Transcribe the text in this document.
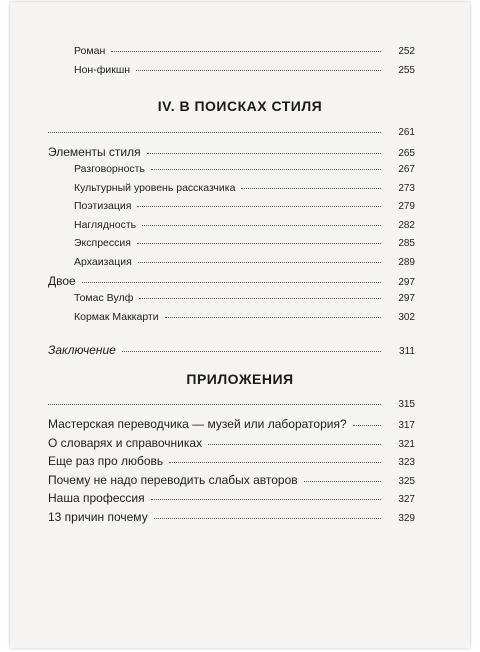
Роман	252
Нон-фикшн	255
IV. В ПОИСКАХ СТИЛЯ
261
Элементы стиля	265
Разговорность	267
Культурный уровень рассказчика	273
Поэтизация	279
Наглядность	282
Экспрессия	285
Архаизация	289
Двое	297
Томас Вулф	297
Кормак Маккарти	302
Заключение	311
ПРИЛОЖЕНИЯ
315
Мастерская переводчика — музей или лаборатория?	317
О словарях и справочниках	321
Еще раз про любовь	323
Почему не надо переводить слабых авторов	325
Наша профессия	327
13 причин почему	329
